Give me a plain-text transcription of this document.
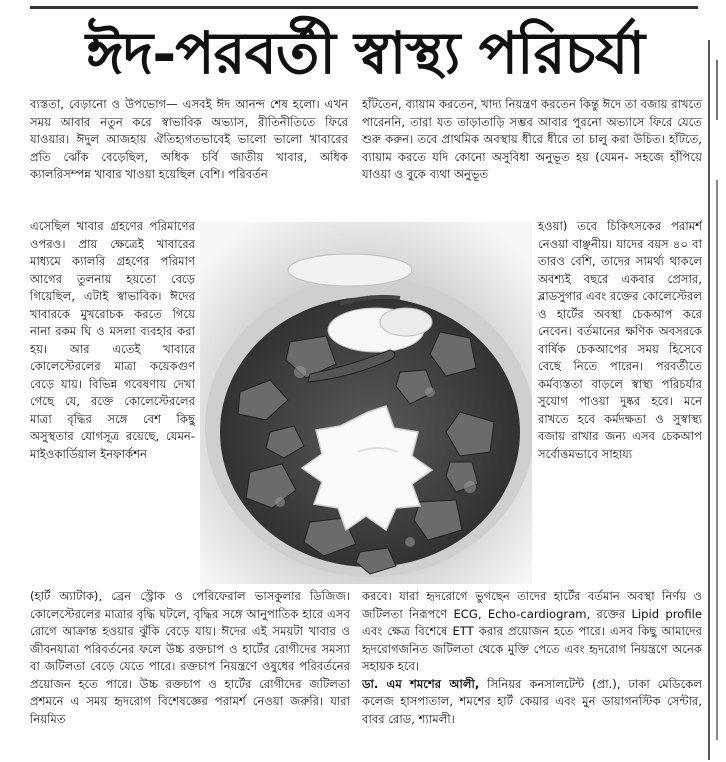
ঈদ-পরবর্তী স্বাস্থ্য পরিচর্যা

ব্যস্ততা, বেড়ানো ও উপভোগ— এসবই ঈদ আনন্দ শেষ হলো। এখন সময় আবার নতুন করে স্বাভাবিক অভ্যাস, রীতিনীতিতে ফিরে যাওয়ার। ঈদুল আজহায় ঐতিহ্যগতভাবেই ভালো ভালো খাবারের প্রতি ঝোঁক বেড়েছিল, অধিক চর্বি জাতীয় খাবার, অধিক ক্যালরিসম্পন্ন খাবার খাওয়া হয়েছিল বেশি। পরিবর্তন

এসেছিল খাবার গ্রহণের পরিমাণের ওপরও। প্রায় ক্ষেত্রেই খাবারের মাধ্যমে ক্যালরি গ্রহণের পরিমাণ আগের তুলনায় হয়তো বেড়ে গিয়েছিল, এটাই স্বাভাবিক। ঈদের খাবারকে মুখরোচক করতে গিয়ে নানা রকম ঘি ও মসলা ব্যবহার করা হয়। আর এতেই খাবারে কোলেস্টেরলের মাত্রা কয়েকগুণ বেড়ে যায়। বিভিন্ন গবেষণায় দেখা গেছে যে, রক্তে কোলেস্টেরলের মাত্রা বৃদ্ধির সঙ্গে বেশ কিছু অসুস্থতার যোগসূত্র রয়েছে, যেমন- মাইওকার্ডিয়াল ইনফার্কশন

(হার্ট অ্যাটাক), ব্রেন স্ট্রোক ও পেরিফেরাল ভাসকুলার ডিজিজ। কোলেস্টেরলের মাত্রার বৃদ্ধি ঘটলে, বৃদ্ধির সঙ্গে আনুপাতিক হারে এসব রোগে আক্রান্ত হওয়ার ঝুঁকি বেড়ে যায়। ঈদের এই সময়টা খাবার ও জীবনযাত্রা পরিবর্তনের ফলে উচ্চ রক্তচাপ ও হার্টের রোগীদের সমস্যা বা জটিলতা বেড়ে যেতে পারে। রক্তচাপ নিয়ন্ত্রণে ওষুধের পরিবর্তনের প্রয়োজন হতে পারে। উচ্চ রক্তচাপ ও হার্টের রোগীদের জটিলতা প্রশমনে এ সময় হৃদরোগ বিশেষজ্ঞের পরামর্শ নেওয়া জরুরি। যারা নিয়মিত

হাঁটতেন, ব্যায়াম করতেন, খাদ্য নিয়ন্ত্রণ করতেন কিন্তু ঈদে তা বজায় রাখতে পারেননি, তারা যত তাড়াতাড়ি সম্ভব আবার পুরনো অভ্যাসে ফিরে যেতে শুরু করুন। তবে প্রাথমিক অবস্থায় ধীরে ধীরে তা চালু করা উচিত। হাঁটতে, ব্যায়াম করতে যদি কোনো অসুবিধা অনুভূত হয় (যেমন- সহজে হাঁপিয়ে যাওয়া ও বুকে ব্যথা অনুভূত

হওয়া) তবে চিকিৎসকের পরামর্শ নেওয়া বাঞ্ছনীয়। যাদের বয়স ৪০ বা তারও বেশি, তাদের সামর্থ্য থাকলে অবশ্যই বছরে একবার প্রেসার, ব্লাডসুগার এবং রক্তের কোলেস্টেরল ও হার্টের অবস্থা চেকআপ করে নেবেন। বর্তমানের ক্ষণিক অবসরকে বার্ষিক চেকআপের সময় হিসেবে বেছে নিতে পারেন। পরবর্তীতে কর্মব্যস্ততা বাড়লে স্বাস্থ্য পরিচর্যার সুযোগ পাওয়া দুষ্কর হবে। মনে রাখতে হবে কর্মদক্ষতা ও সুস্বাস্থ্য বজায় রাখার জন্য এসব চেকআপ সর্বোত্তমভাবে সাহায্য

করবে। যারা হৃদরোগে ভুগছেন তাদের হার্টের বর্তমান অবস্থা নির্ণয় ও জটিলতা নিরূপণে ECG, Echo-cardiogram, রক্তের Lipid profile এবং ক্ষেত্র বিশেষে ETT করার প্রয়োজন হতে পারে। এসব কিছু আমাদের হৃদরোগজনিত জটিলতা থেকে মুক্তি পেতে এবং হৃদরোগ নিয়ন্ত্রণে অনেক সহায়ক হবে।

ডা. এম শমশের আলী, সিনিয়র কনসালটেন্ট (প্রা.), ঢাকা মেডিকেল কলেজ হাসপাতাল, শমশের হার্ট কেয়ার এবং মুন ডায়াগনস্টিক সেন্টার, বাবর রোড, শ্যামলী।
